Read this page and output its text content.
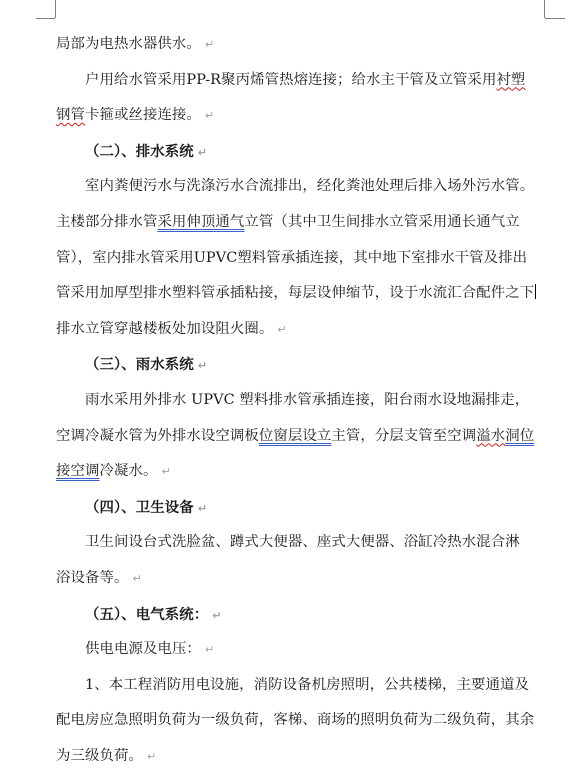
局部为电热水器供水。 ↵
户用给水管采用PP-R聚丙烯管热熔连接；给水主干管及立管采用衬塑
钢管卡箍或丝接连接。 ↵
（二）、排水系统 ↵
室内粪便污水与洗涤污水合流排出，经化粪池处理后排入场外污水管。
主楼部分排水管采用伸顶通气立管（其中卫生间排水立管采用通长通气立
管），室内排水管采用UPVC塑料管承插连接，其中地下室排水干管及排出
管采用加厚型排水塑料管承插粘接，每层设伸缩节，设于水流汇合配件之下
排水立管穿越楼板处加设阻火圈。 ↵
（三）、雨水系统 ↵
雨水采用外排水 UPVC 塑料排水管承插连接，阳台雨水设地漏排走，
空调冷凝水管为外排水设空调板位窗层设立主管，分层支管至空调溢水洞位
接空调冷凝水。 ↵
（四）、卫生设备 ↵
卫生间设台式洗脸盆、蹲式大便器、座式大便器、浴缸冷热水混合淋
浴设备等。 ↵
（五）、电气系统： ↵
供电电源及电压： ↵
1、本工程消防用电设施，消防设备机房照明，公共楼梯，主要通道及
配电房应急照明负荷为一级负荷，客梯、商场的照明负荷为二级负荷，其余
为三级负荷。 ↵
